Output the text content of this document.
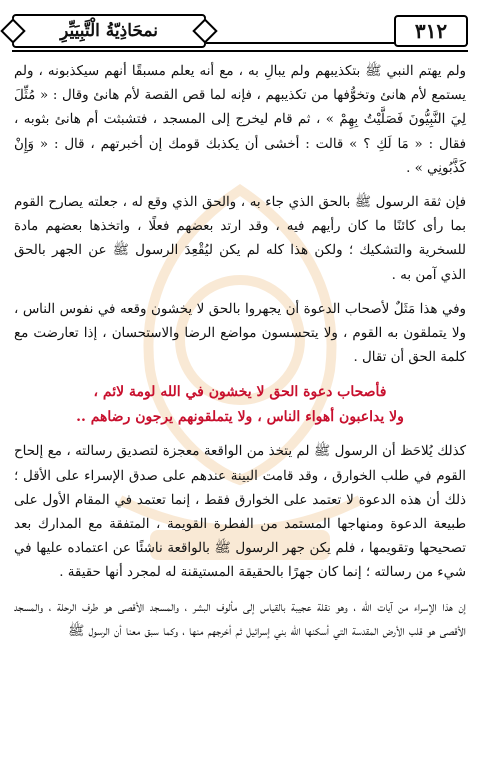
٣١٢
نمحَاذِيّةُ الْتَّبِيَيِّرِ

ولم يهتم النبي ﷺ بتكذيبهم ولم يبالِ به ، مع أنه يعلم مسبقًا أنهم سيكذبونه ، ولم يستمع لأم هانئ وتخوُّفها من تكذيبهم ، فإنه لما قص القصة لأم هانئ وقال : « مُثِّلَ لِيَ النَّبِيُّونَ فَصَلَّيْتُ بِهِمْ » ، ثم قام ليخرج إلى المسجد ، فتشبثت أم هانئ بثوبه ، فقال : « مَا لَكِ ؟ » قالت : أخشى أن يكذبك قومك إن أخبرتهم ، قال : « وَإِنْ كَذَّبُونِي » .

فإن ثقة الرسول ﷺ بالحق الذي جاء به ، والحق الذي وقع له ، جعلته يصارح القوم بما رأى كائنًا ما كان رأيهم فيه ، وقد ارتد بعضهم فعلًا ، واتخذها بعضهم مادة للسخرية والتشكيك ؛ ولكن هذا كله لم يكن ليُقْعِدَ الرسول ﷺ عن الجهر بالحق الذي آمن به .

وفي هذا مَثَلٌ لأصحاب الدعوة أن يجهروا بالحق لا يخشون وقعه في نفوس الناس ، ولا يتملقون به القوم ، ولا يتحسسون مواضع الرضا والاستحسان ، إذا تعارضت مع كلمة الحق أن تقال .

فأصحاب دعوة الحق لا يخشون في الله لومة لائم ،
ولا يداعبون أهواء الناس ، ولا يتملقونهم يرجون رضاهم ..

كذلك يُلاحَظ أن الرسول ﷺ لم يتخذ من الواقعة معجزة لتصديق رسالته ، مع إلحاح القوم في طلب الخوارق ، وقد قامت البينة عندهم على صدق الإسراء على الأقل ؛ ذلك أن هذه الدعوة لا تعتمد على الخوارق فقط ، إنما تعتمد في المقام الأول على طبيعة الدعوة ومنهاجها المستمد من الفطرة القويمة ، المتفقة مع المدارك بعد تصحيحها وتقويمها ، فلم يكن جهر الرسول ﷺ بالواقعة ناشئًا عن اعتماده عليها في شيء من رسالته ؛ إنما كان جهرًا بالحقيقة المستيقنة له لمجرد أنها حقيقة .

إن هذا الإسراء من آيات الله ، وهو نقلة عجيبة بالقياس إلى مألوف البشر ، والمسجد الأقصى هو طرف الرحلة ، والمسجد الأقصى هو قلب الأرض المقدسة التي أسكنها الله بني إسرائيل ثم أخرجهم منها ، وكما سبق معنا أن الرسول ﷺ
